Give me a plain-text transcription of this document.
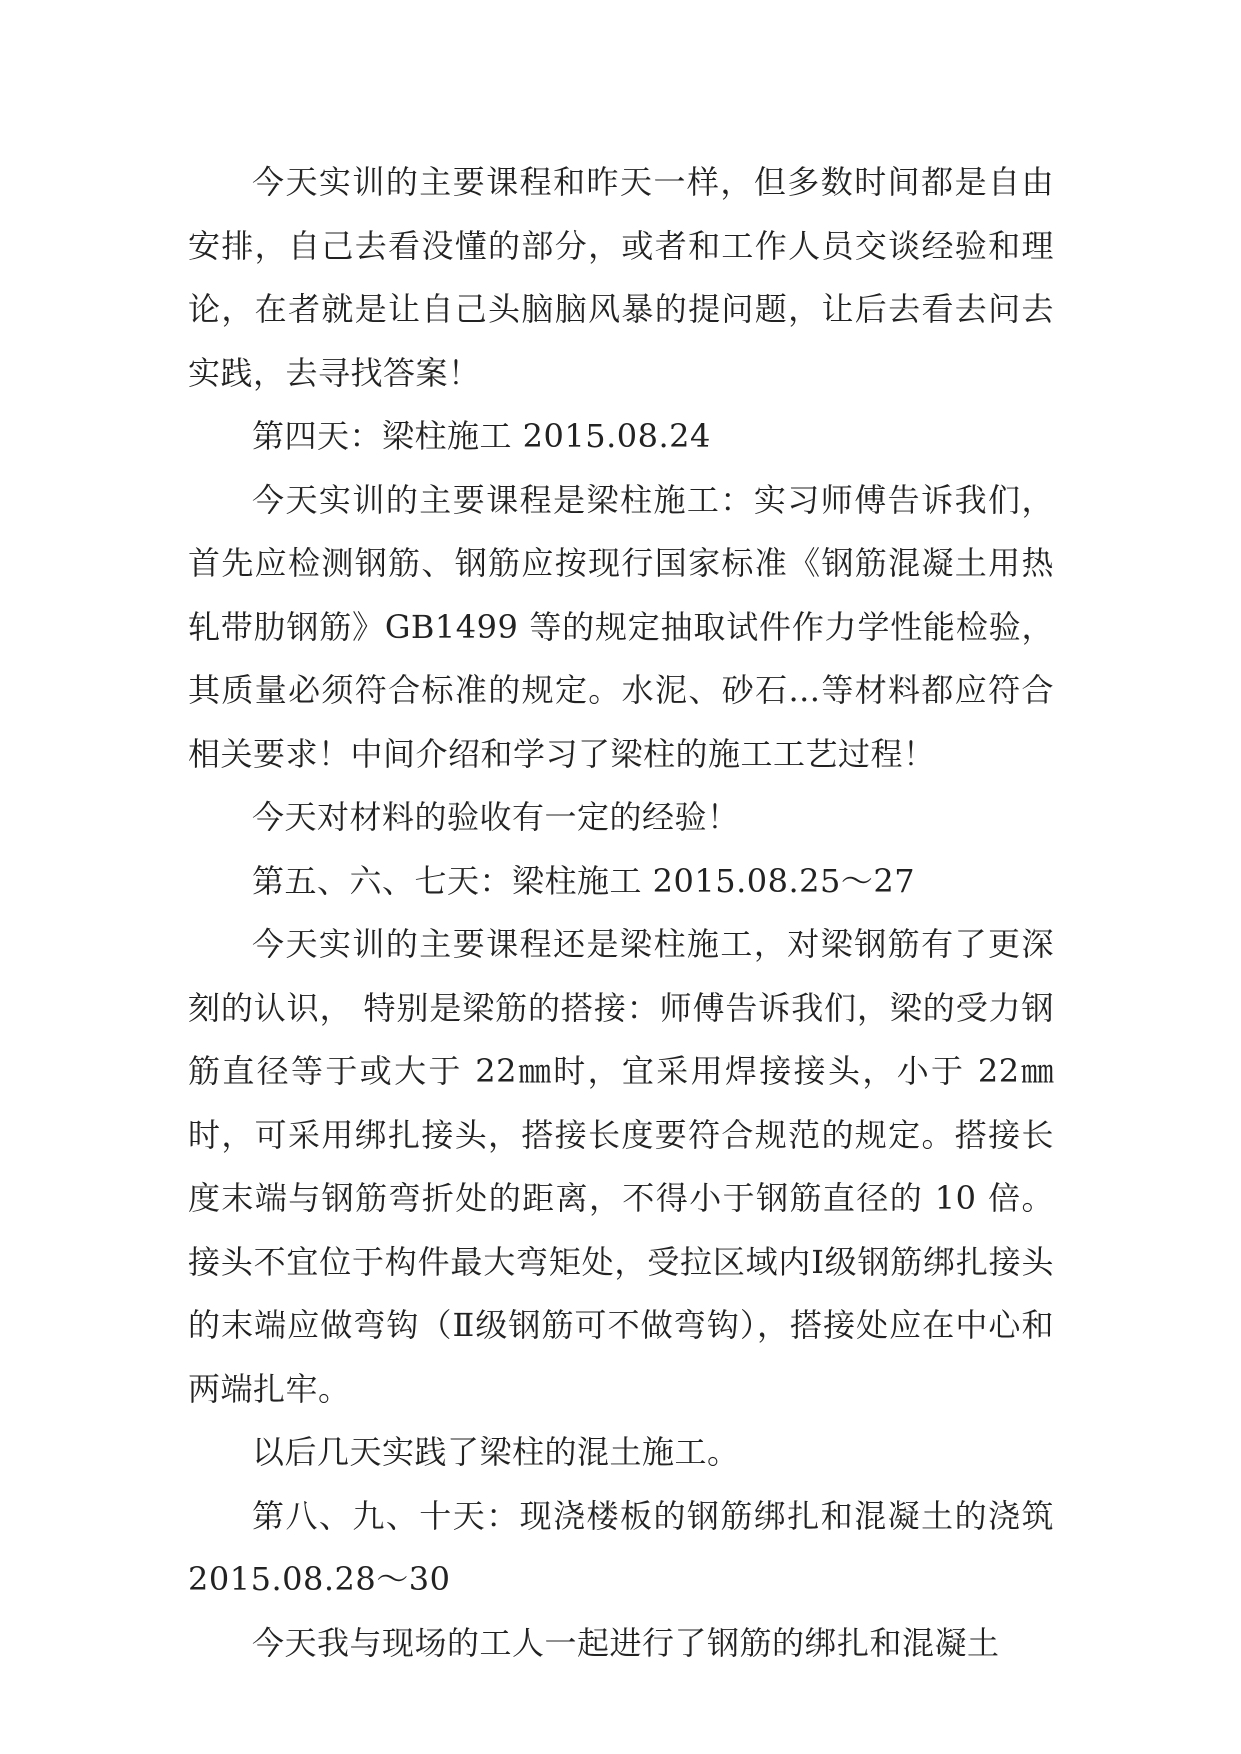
今天实训的主要课程和昨天一样，但多数时间都是自由安排，自己去看没懂的部分，或者和工作人员交谈经验和理论，在者就是让自己头脑脑风暴的提问题，让后去看去问去实践，去寻找答案！

第四天：梁柱施工 2015.08.24

今天实训的主要课程是梁柱施工：实习师傅告诉我们，首先应检测钢筋、钢筋应按现行国家标准《钢筋混凝土用热轧带肋钢筋》GB1499 等的规定抽取试件作力学性能检验，其质量必须符合标准的规定。水泥、砂石...等材料都应符合相关要求！中间介绍和学习了梁柱的施工工艺过程！

今天对材料的验收有一定的经验！

第五、六、七天：梁柱施工 2015.08.25～27

今天实训的主要课程还是梁柱施工，对梁钢筋有了更深刻的认识， 特别是梁筋的搭接：师傅告诉我们，梁的受力钢筋直径等于或大于 22㎜时，宜采用焊接接头，小于 22㎜时，可采用绑扎接头，搭接长度要符合规范的规定。搭接长度末端与钢筋弯折处的距离，不得小于钢筋直径的 10 倍。接头不宜位于构件最大弯矩处，受拉区域内Ⅰ级钢筋绑扎接头的末端应做弯钩（Ⅱ级钢筋可不做弯钩），搭接处应在中心和两端扎牢。

以后几天实践了梁柱的混土施工。

第八、九、十天：现浇楼板的钢筋绑扎和混凝土的浇筑 2015.08.28～30

今天我与现场的工人一起进行了钢筋的绑扎和混凝土
